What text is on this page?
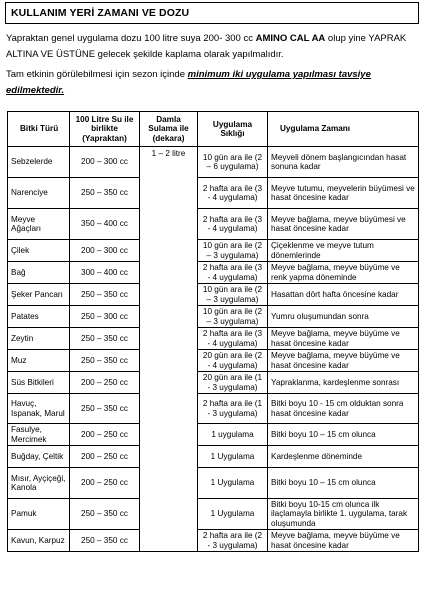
KULLANIM YERİ ZAMANI VE DOZU

Yapraktan genel uygulama dozu 100 litre suya 200- 300 cc AMINO CAL AA olup yine YAPRAK ALTINA VE ÜSTÜNE gelecek şekilde kaplama olarak yapılmalıdır.

Tam etkinin görülebilmesi için sezon içinde minimum iki uygulama yapılması tavsiye edilmektedir.

Bitki Türü	100 Litre Su ile birlikte (Yapraktan)	Damla Sulama ile (dekara)	Uygulama Sıklığı	Uygulama Zamanı
Sebzelerde	200 – 300 cc	1 – 2 litre	10 gün ara ile (2 – 6 uygulama)	Meyveli dönem başlangıcından hasat sonuna kadar
Narenciye	250 – 350 cc		2 hafta ara ile (3 - 4 uygulama)	Meyve tutumu, meyvelerin büyümesi ve hasat öncesine kadar
Meyve Ağaçları	350 – 400 cc		2 hafta ara ile (3 - 4 uygulama)	Meyve bağlama, meyve büyümesi ve hasat öncesine kadar
Çilek	200 – 300 cc		10 gün ara ile (2 – 3 uygulama)	Çiçeklenme ve meyve tutum dönemlerinde
Bağ	300 – 400 cc		2 hafta ara ile (3 - 4 uygulama)	Meyve bağlama, meyve büyüme ve renk yapma döneminde
Şeker Pancarı	250 – 350 cc		10 gün ara ile (2 – 3 uygulama)	Hasattan dört hafta öncesine kadar
Patates	250 – 300 cc		10 gün ara ile (2 – 3 uygulama)	Yumru oluşumundan sonra
Zeytin	250 – 350 cc		2 hafta ara ile (3 - 4 uygulama)	Meyve bağlama, meyve büyüme ve hasat öncesine kadar
Muz	250 – 350 cc		20 gün ara ile (2 - 4 uygulama)	Meyve bağlama, meyve büyüme ve hasat öncesine kadar
Süs Bitkileri	200 – 250 cc		20 gün ara ile (1 - 3 uygulama)	Yapraklanma, kardeşlenme sonrası
Havuç, Ispanak, Marul	250 – 350 cc		2 hafta ara ile (1 - 3 uygulama)	Bitki boyu 10 - 15 cm olduktan sonra hasat öncesine kadar
Fasulye, Mercimek	200 – 250 cc		1 uygulama	Bitki boyu 10 – 15 cm olunca
Buğday, Çeltik	200 – 250 cc		1 Uygulama	Kardeşlenme döneminde
Mısır, Ayçiçeği, Kanola	200 – 250 cc		1 Uygulama	Bitki boyu 10 – 15 cm olunca
Pamuk	250 – 350 cc		1 Uygulama	Bitki boyu 10-15 cm olunca ilk ilaçlamayla birlikte 1. uygulama, tarak oluşumunda
Kavun, Karpuz	250 – 350 cc		2 hafta ara ile (2 - 3 uygulama)	Meyve bağlama, meyve büyüme ve hasat öncesine kadar
